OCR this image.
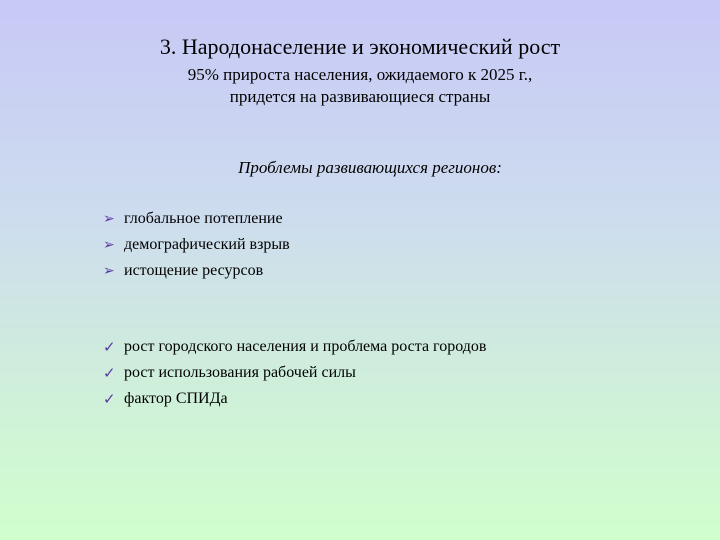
3. Народонаселение и экономический рост
95% прироста населения, ожидаемого к 2025 г.,
придется на развивающиеся страны
Проблемы развивающихся регионов:
➢ глобальное потепление
➢ демографический взрыв
➢ истощение ресурсов
✓ рост городского населения и проблема роста городов
✓ рост использования рабочей силы
✓ фактор СПИДа
